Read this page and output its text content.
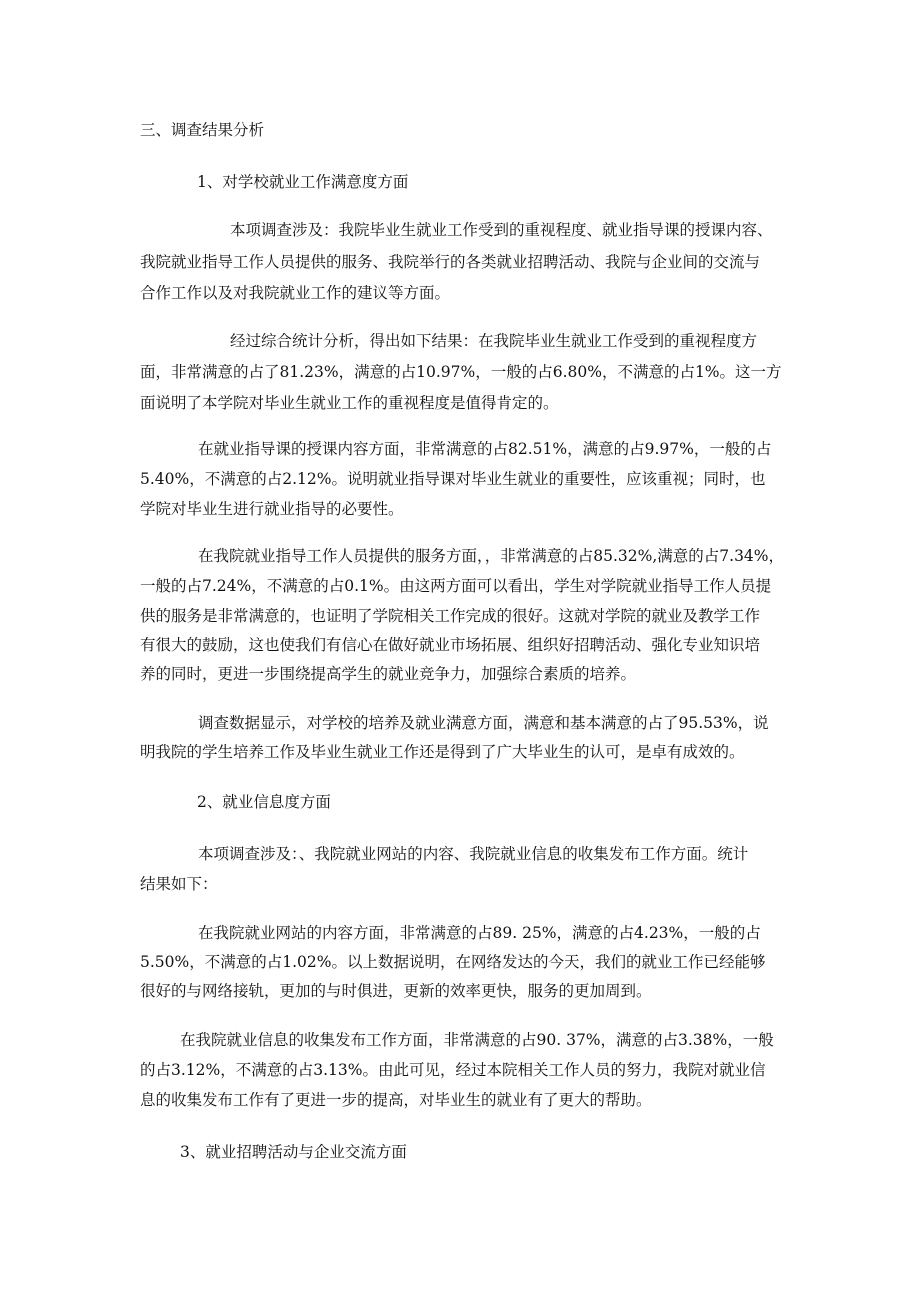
三、调查结果分析
1、对学校就业工作满意度方面
本项调查涉及：我院毕业生就业工作受到的重视程度、就业指导课的授课内容、
我院就业指导工作人员提供的服务、我院举行的各类就业招聘活动、我院与企业间的交流与
合作工作以及对我院就业工作的建议等方面。
经过综合统计分析，得出如下结果：在我院毕业生就业工作受到的重视程度方
面，非常满意的占了81.23%，满意的占10.97%，一般的占6.80%，不满意的占1%。这一方
面说明了本学院对毕业生就业工作的重视程度是值得肯定的。
在就业指导课的授课内容方面，非常满意的占82.51%，满意的占9.97%，一般的占
5.40%，不满意的占2.12%。说明就业指导课对毕业生就业的重要性，应该重视；同时，也
学院对毕业生进行就业指导的必要性。
在我院就业指导工作人员提供的服务方面，，非常满意的占85.32%,满意的占7.34%，
一般的占7.24%，不满意的占0.1%。由这两方面可以看出，学生对学院就业指导工作人员提
供的服务是非常满意的，也证明了学院相关工作完成的很好。这就对学院的就业及教学工作
有很大的鼓励，这也使我们有信心在做好就业市场拓展、组织好招聘活动、强化专业知识培
养的同时，更进一步围绕提高学生的就业竞争力，加强综合素质的培养。
调查数据显示，对学校的培养及就业满意方面，满意和基本满意的占了95.53%，说
明我院的学生培养工作及毕业生就业工作还是得到了广大毕业生的认可，是卓有成效的。
2、就业信息度方面
本项调查涉及：、我院就业网站的内容、我院就业信息的收集发布工作方面。统计
结果如下：
在我院就业网站的内容方面，非常满意的占89. 25%，满意的占4.23%，一般的占
5.50%，不满意的占1.02%。以上数据说明，在网络发达的今天，我们的就业工作已经能够
很好的与网络接轨，更加的与时俱进，更新的效率更快，服务的更加周到。
在我院就业信息的收集发布工作方面，非常满意的占90. 37%，满意的占3.38%，一般
的占3.12%，不满意的占3.13%。由此可见，经过本院相关工作人员的努力，我院对就业信
息的收集发布工作有了更进一步的提高，对毕业生的就业有了更大的帮助。
3、就业招聘活动与企业交流方面
